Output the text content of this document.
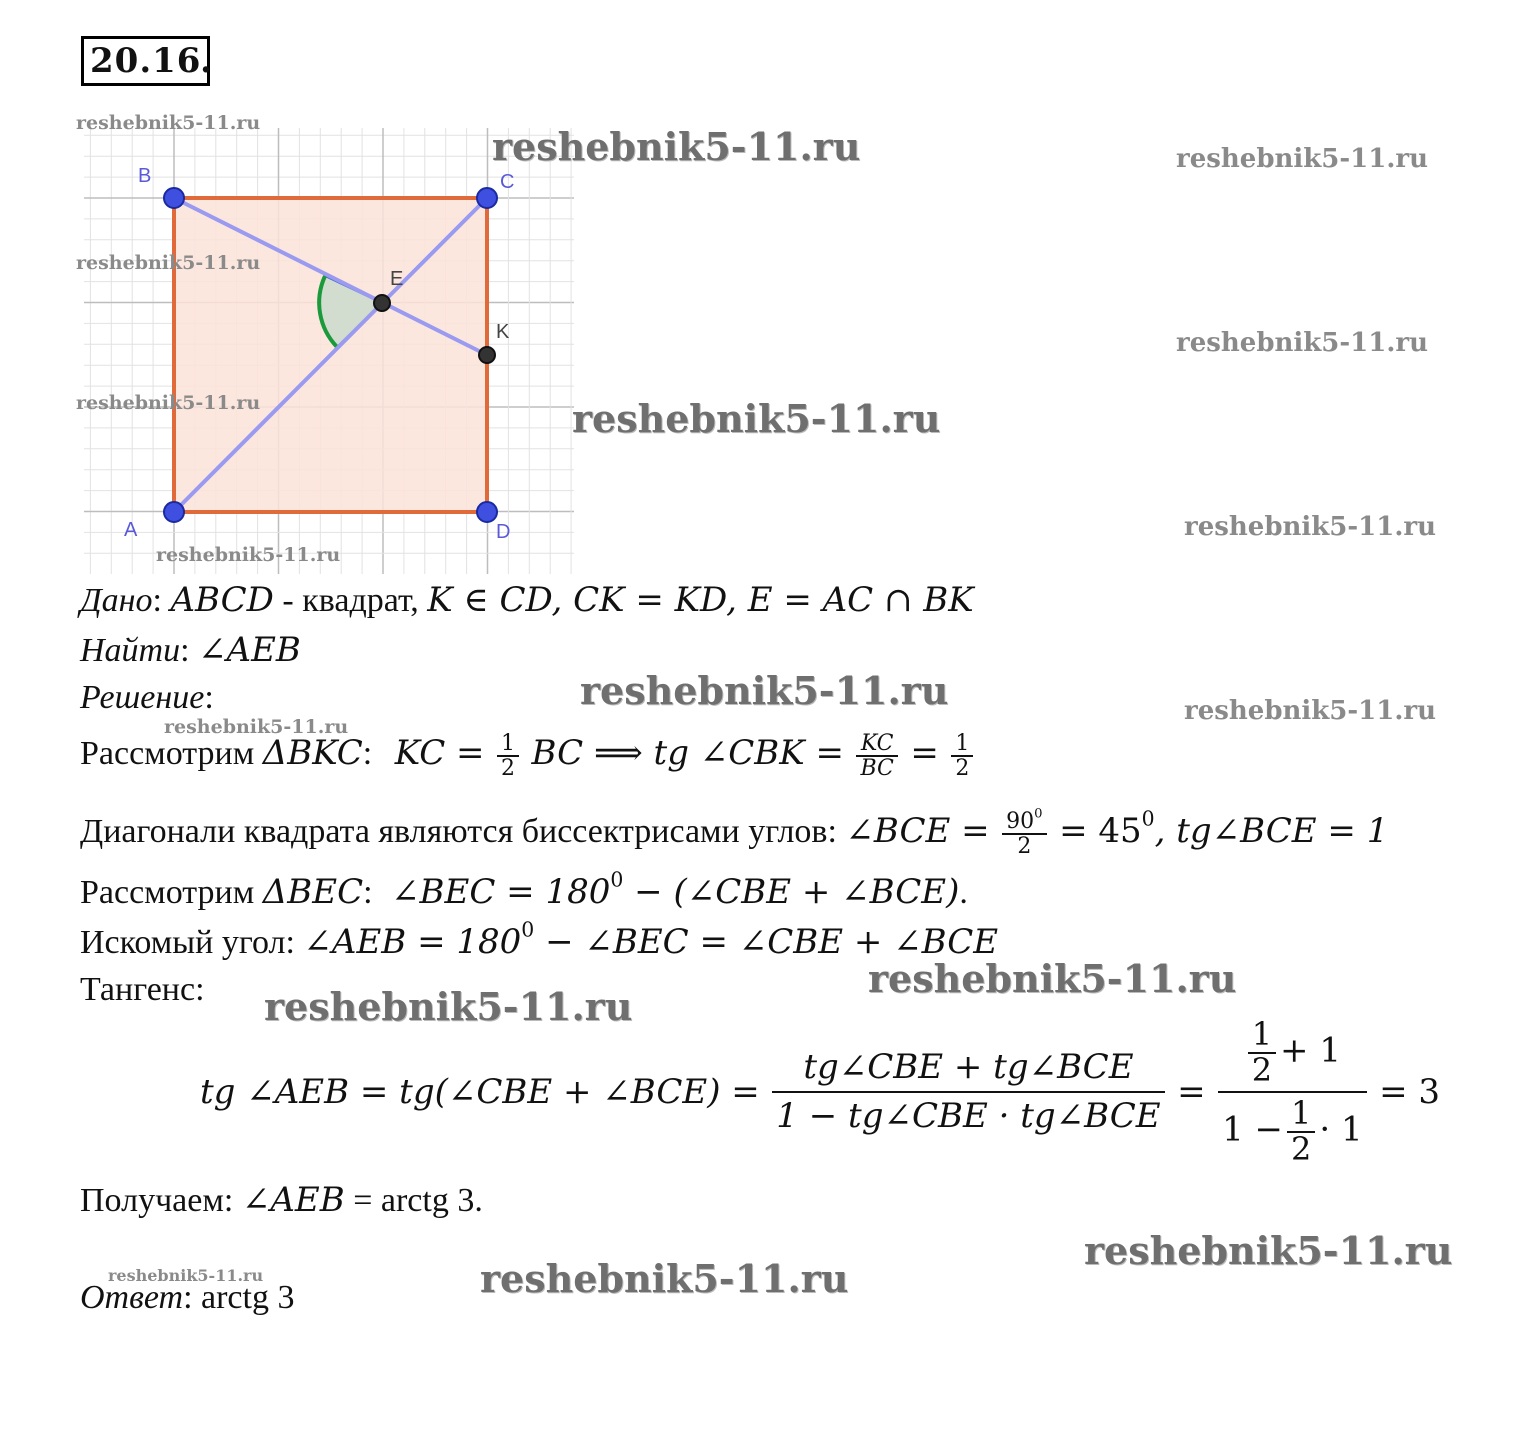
20.16
.
B	C
E
K
A	D
reshebnik5-11.ru
reshebnik5-11.ru
reshebnik5-11.ru
reshebnik5-11.ru
reshebnik5-11.ru
reshebnik5-11.ru
reshebnik5-11.ru
reshebnik5-11.ru
reshebnik5-11.ru
reshebnik5-11.ru
reshebnik5-11.ru
reshebnik5-11.ru
reshebnik5-11.ru
reshebnik5-11.ru
reshebnik5-11.ru
reshebnik5-11.ru
reshebnik5-11.ru
Дано: ABCD - квадрат, K ∈ CD, CK = KD, E = AC ∩ BK
Найти: ∠AEB
Решение:
Рассмотрим ΔBKC: KC = $\frac{1}{2}$ BC ⟹ tg ∠CBK = $\frac{KC}{BC} = \frac{1}{2}$
Диагонали квадрата являются биссектрисами углов: ∠BCE = $\frac{90^0}{2} = 45^0$, tg∠BCE = 1
Рассмотрим ΔBEC: ∠BEC = $180^0$ − (∠CBE + ∠BCE).
Искомый угол: ∠AEB = $180^0$ − ∠BEC = ∠CBE + ∠BCE
Тангенс:
tg ∠AEB = tg(∠CBE + ∠BCE) = $\frac{\text{tg∠CBE + tg∠BCE}}{\text{1 − tg∠CBE · tg∠BCE}} = \frac{\frac{1}{2} + 1}{1 - \frac{1}{2} \cdot 1} = 3$
Получаем: ∠AEB = arctg 3.
Ответ: arctg 3
